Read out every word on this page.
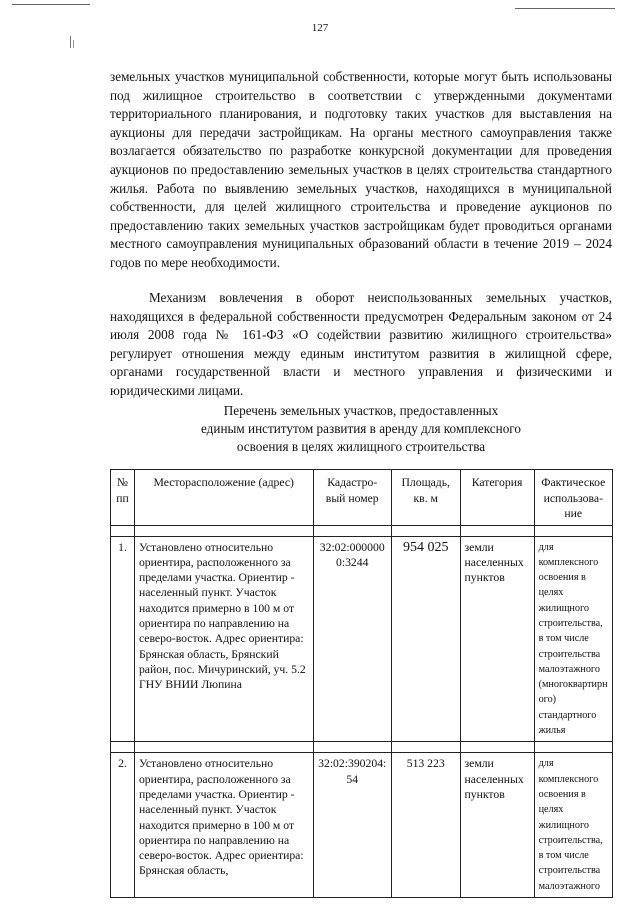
127

земельных участков муниципальной собственности, которые могут быть использованы под жилищное строительство в соответствии с утвержденными документами территориального планирования, и подготовку таких участков для выставления на аукционы для передачи застройщикам. На органы местного самоуправления также возлагается обязательство по разработке конкурсной документации для проведения аукционов по предоставлению земельных участков в целях строительства стандартного жилья. Работа по выявлению земельных участков, находящихся в муниципальной собственности, для целей жилищного строительства и проведение аукционов по предоставлению таких земельных участков застройщикам будет проводиться органами местного самоуправления муниципальных образований области в течение 2019 – 2024 годов по мере необходимости.

Механизм вовлечения в оборот неиспользованных земельных участков, находящихся в федеральной собственности предусмотрен Федеральным законом от 24 июля 2008 года № 161-ФЗ «О содействии развитию жилищного строительства» регулирует отношения между единым институтом развития в жилищной сфере, органами государственной власти и местного управления и физическими и юридическими лицами.

Перечень земельных участков, предоставленных
единым институтом развития в аренду для комплексного
освоения в целях жилищного строительства
№ пп	Месторасположение (адрес)	Кадастро-вый номер	Площадь, кв. м	Категория	Фактическое использова-ние

1.	Установлено относительно ориентира, расположенного за пределами участка. Ориентир - населенный пункт. Участок находится примерно в 100 м от ориентира по направлению на северо-восток. Адрес ориентира: Брянская область, Брянский район, пос. Мичуринский, уч. 5.2 ГНУ ВНИИ Люпина	32:02:0000000:3244	954 025	земли населенных пунктов	для комплексного освоения в целях жилищного строительства, в том числе строительства малоэтажного (многоквартирного) стандартного жилья

2.	Установлено относительно ориентира, расположенного за пределами участка. Ориентир - населенный пункт. Участок находится примерно в 100 м от ориентира по направлению на северо-восток. Адрес ориентира: Брянская область,	32:02:390204:54	513 223	земли населенных пунктов	для комплексного освоения в целях жилищного строительства, в том числе строительства малоэтажного
